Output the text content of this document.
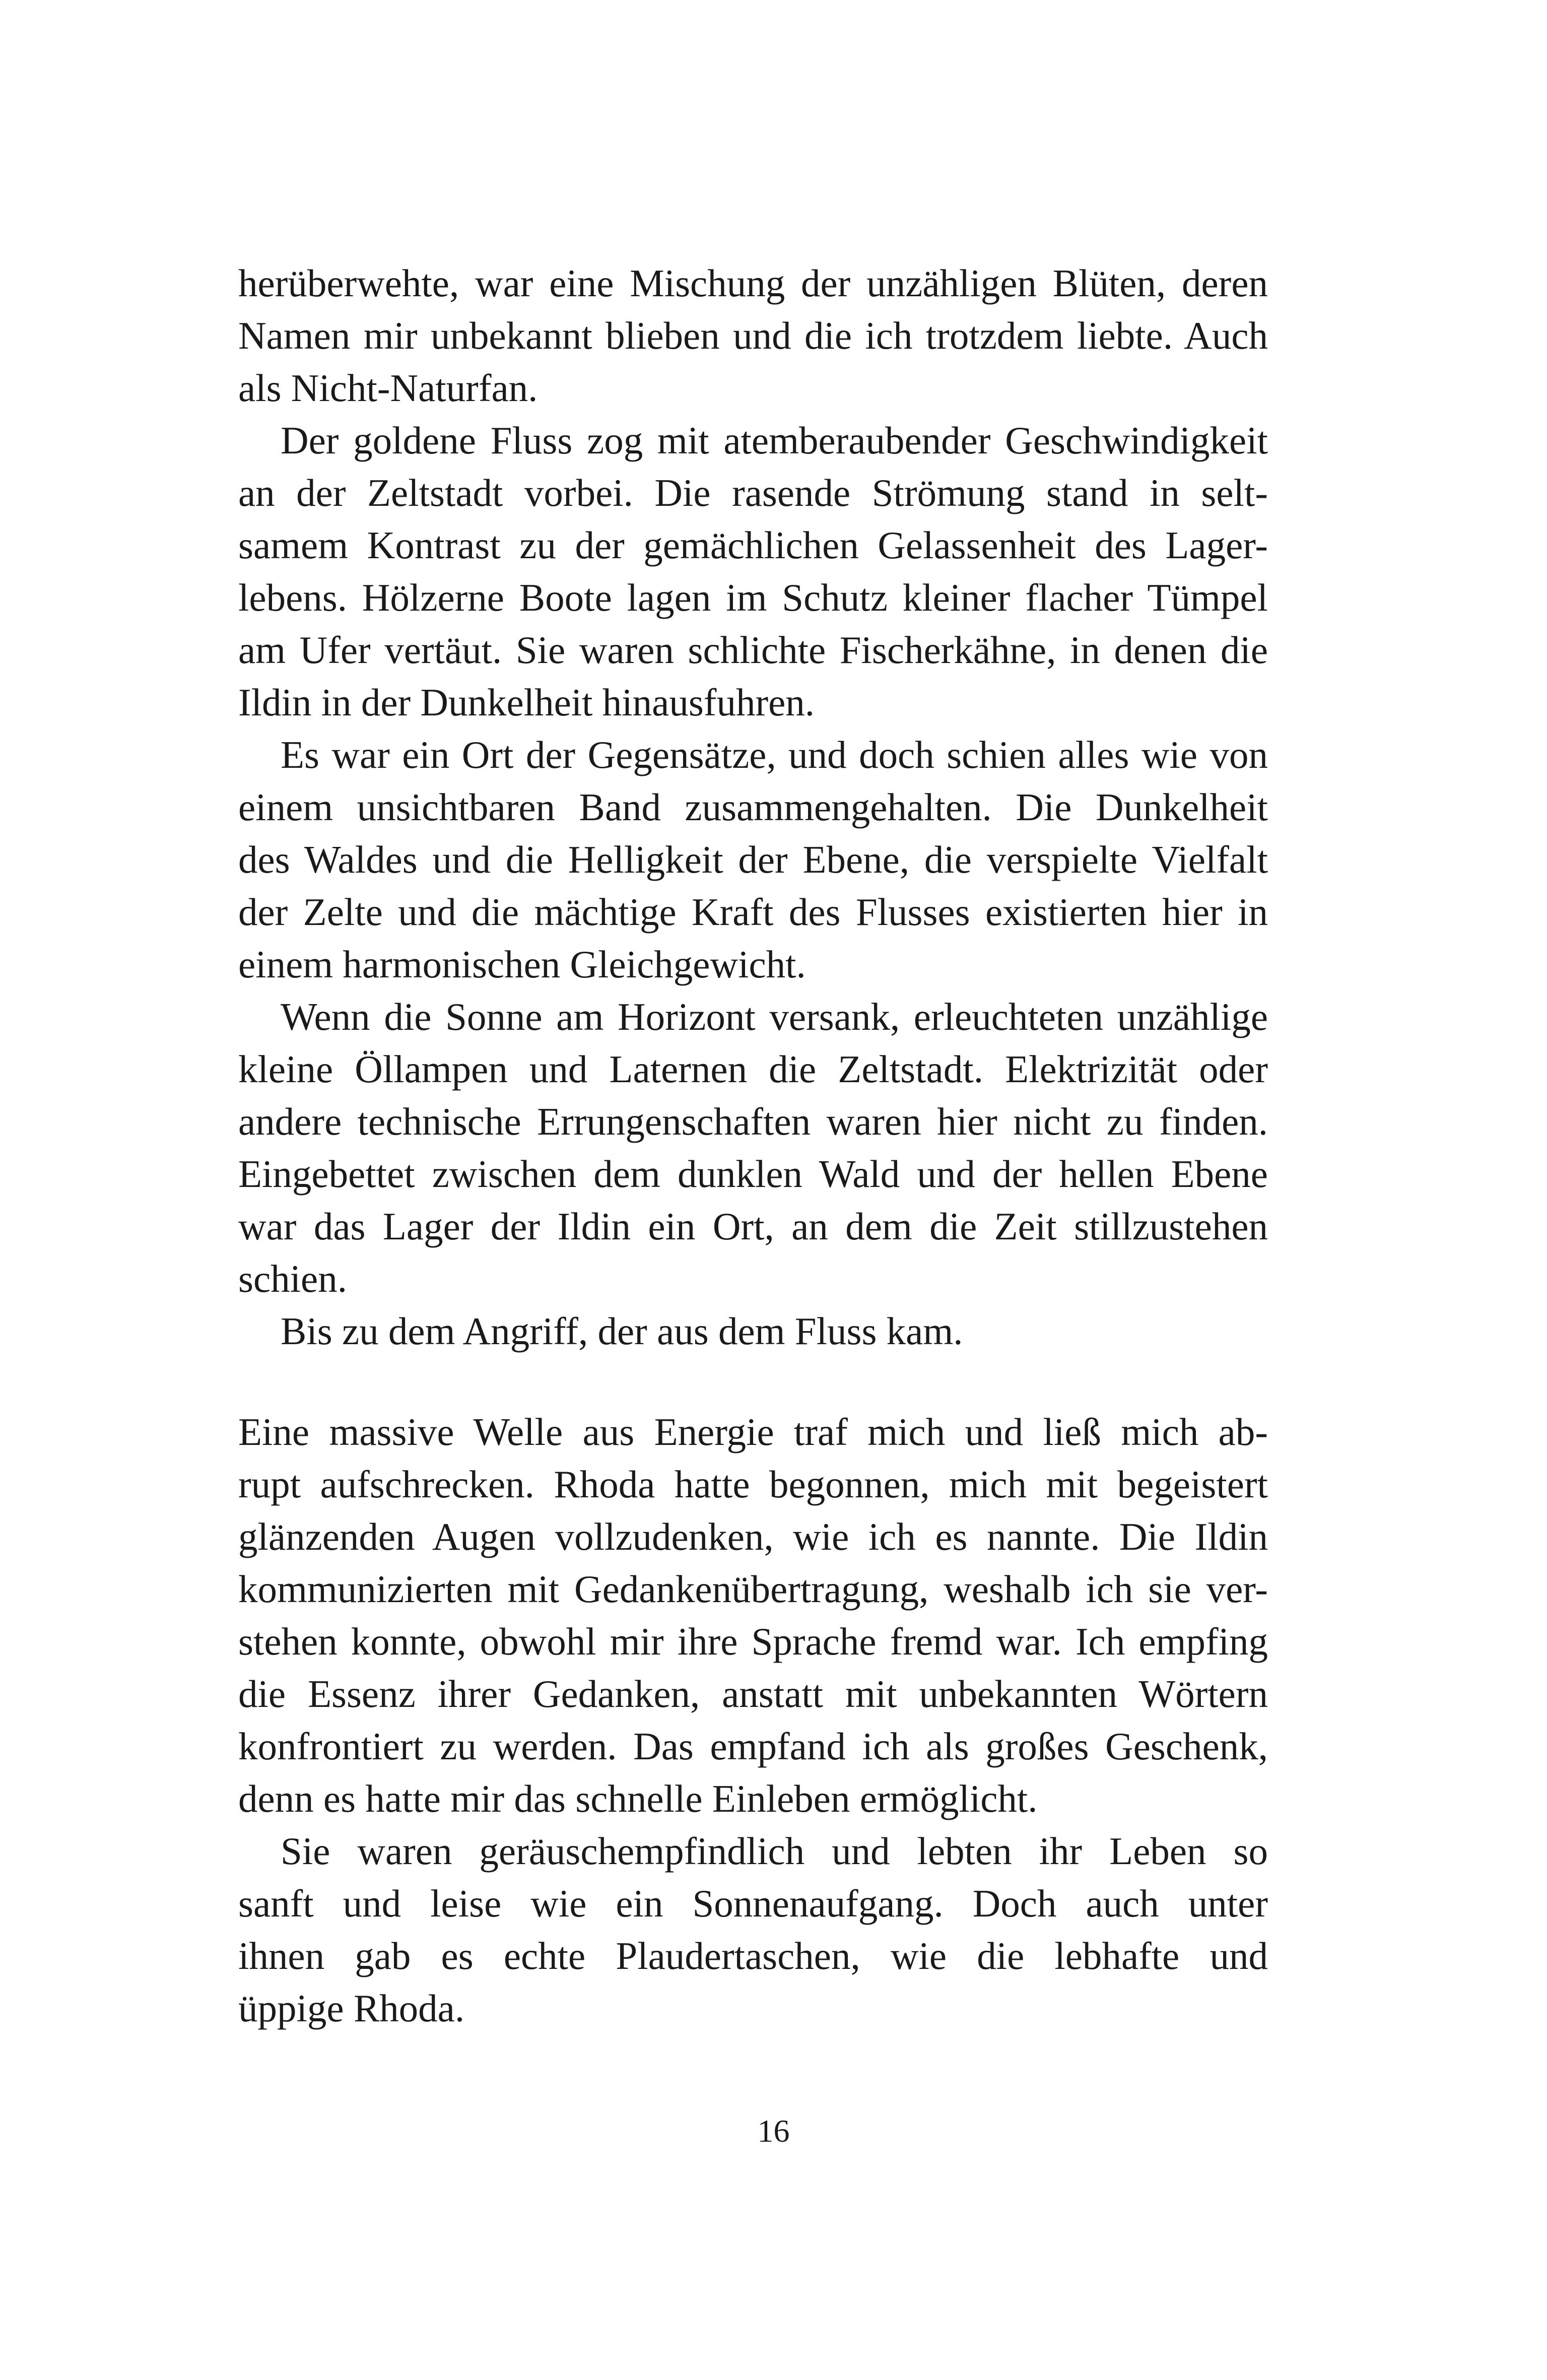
herüberwehte, war eine Mischung der unzähligen Blüten, deren
Namen mir unbekannt blieben und die ich trotzdem liebte. Auch
als Nicht-Naturfan.
Der goldene Fluss zog mit atemberaubender Geschwindigkeit
an der Zeltstadt vorbei. Die rasende Strömung stand in selt-
samem Kontrast zu der gemächlichen Gelassenheit des Lager-
lebens. Hölzerne Boote lagen im Schutz kleiner flacher Tümpel
am Ufer vertäut. Sie waren schlichte Fischerkähne, in denen die
Ildin in der Dunkelheit hinausfuhren.
Es war ein Ort der Gegensätze, und doch schien alles wie von
einem unsichtbaren Band zusammengehalten. Die Dunkelheit
des Waldes und die Helligkeit der Ebene, die verspielte Vielfalt
der Zelte und die mächtige Kraft des Flusses existierten hier in
einem harmonischen Gleichgewicht.
Wenn die Sonne am Horizont versank, erleuchteten unzählige
kleine Öllampen und Laternen die Zeltstadt. Elektrizität oder
andere technische Errungenschaften waren hier nicht zu finden.
Eingebettet zwischen dem dunklen Wald und der hellen Ebene
war das Lager der Ildin ein Ort, an dem die Zeit stillzustehen
schien.
Bis zu dem Angriff, der aus dem Fluss kam.
Eine massive Welle aus Energie traf mich und ließ mich ab-
rupt aufschrecken. Rhoda hatte begonnen, mich mit begeistert
glänzenden Augen vollzudenken, wie ich es nannte. Die Ildin
kommunizierten mit Gedankenübertragung, weshalb ich sie ver-
stehen konnte, obwohl mir ihre Sprache fremd war. Ich empfing
die Essenz ihrer Gedanken, anstatt mit unbekannten Wörtern
konfrontiert zu werden. Das empfand ich als großes Geschenk,
denn es hatte mir das schnelle Einleben ermöglicht.
Sie waren geräuschempfindlich und lebten ihr Leben so
sanft und leise wie ein Sonnenaufgang. Doch auch unter
ihnen gab es echte Plaudertaschen, wie die lebhafte und
üppige Rhoda.
16
